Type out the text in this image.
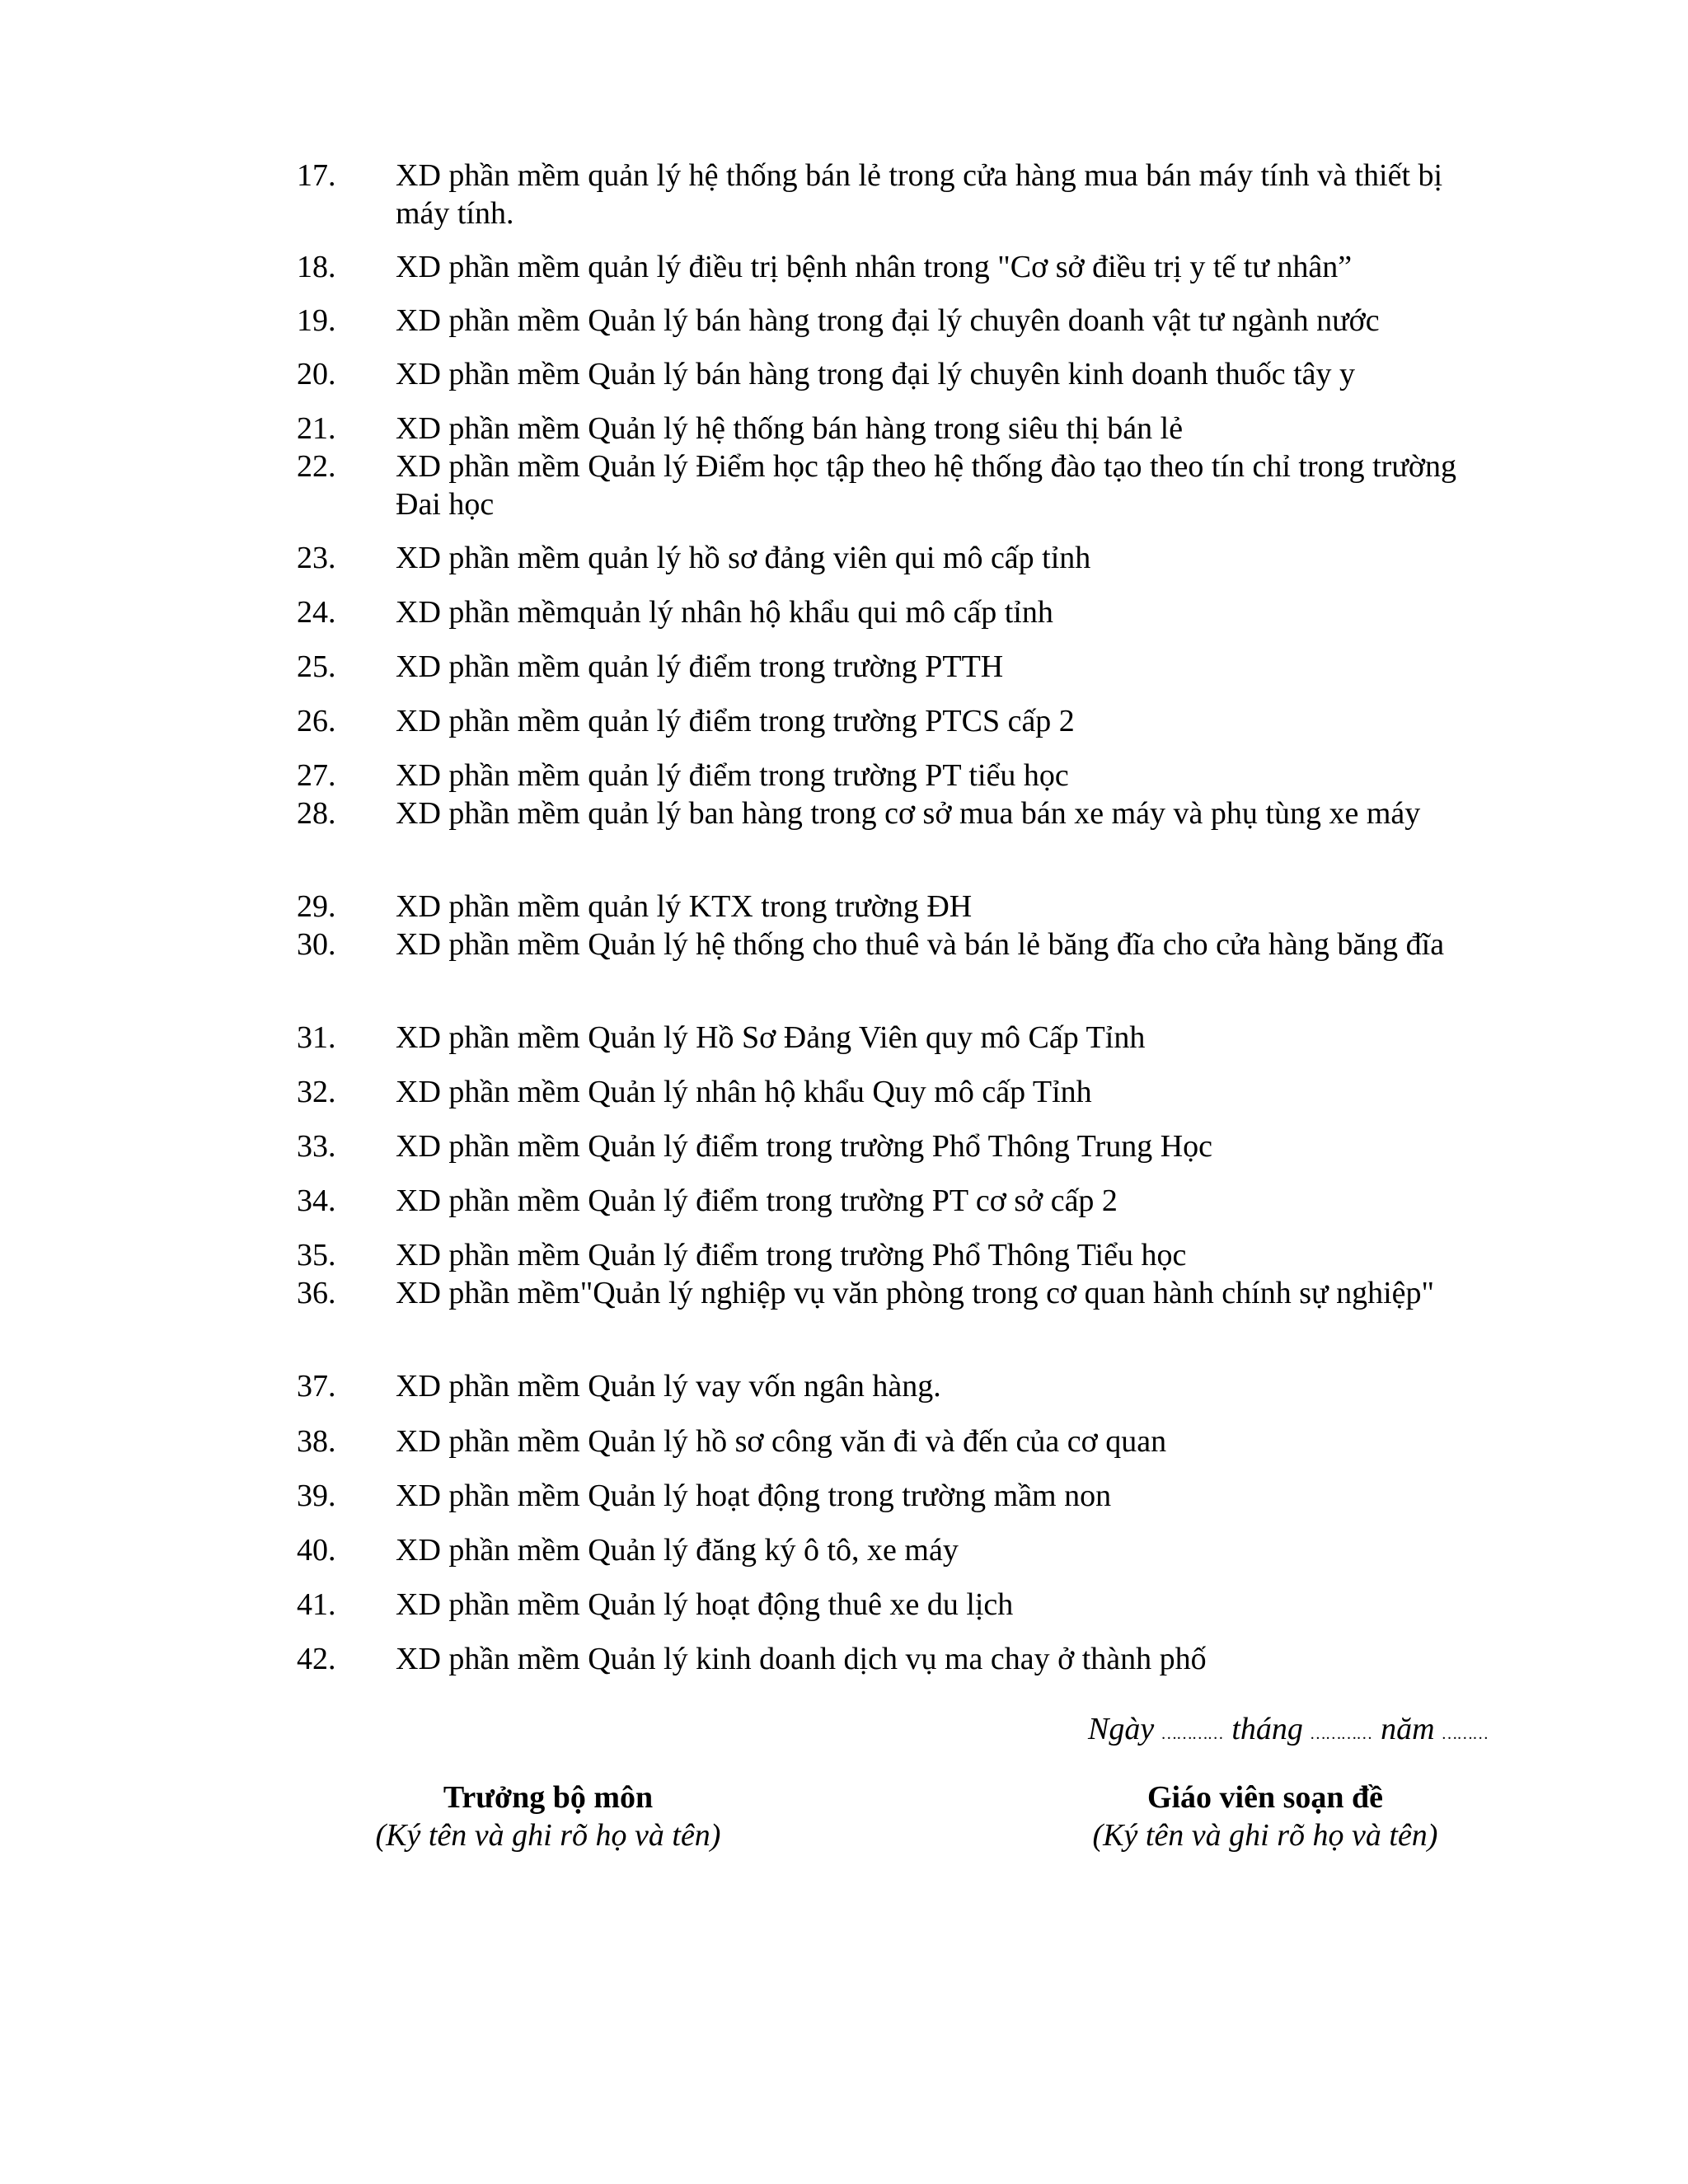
17.	XD phần mềm quản lý hệ thống bán lẻ trong cửa hàng mua bán máy tính và thiết bị máy tính.
18.	XD phần mềm quản lý điều trị bệnh nhân trong "Cơ sở điều trị y tế tư nhân”
19.	XD phần mềm Quản lý bán hàng trong đại lý chuyên doanh vật tư ngành nước
20.	XD phần mềm Quản lý bán hàng trong đại lý chuyên kinh doanh thuốc tây y
21.	XD phần mềm Quản lý hệ thống bán hàng trong siêu thị bán lẻ
22.	XD phần mềm Quản lý Điểm học tập theo hệ thống đào tạo theo tín chỉ trong trường Đai học
23.	XD phần mềm quản lý hồ sơ đảng viên qui mô cấp tỉnh
24.	XD phần mềmquản lý nhân hộ khẩu qui mô cấp tỉnh
25.	XD phần mềm quản lý điểm trong trường PTTH
26.	XD phần mềm quản lý điểm trong trường PTCS cấp 2
27.	XD phần mềm quản lý điểm trong trường PT tiểu học
28.	XD phần mềm quản lý ban hàng trong cơ sở mua bán xe máy và phụ tùng xe máy
29.	XD phần mềm quản lý KTX trong trường ĐH
30.	XD phần mềm Quản lý hệ thống cho thuê và bán lẻ băng đĩa cho cửa hàng băng đĩa
31.	XD phần mềm Quản lý Hồ Sơ Đảng Viên quy mô Cấp Tỉnh
32.	XD phần mềm Quản lý nhân hộ khẩu Quy mô cấp Tỉnh
33.	XD phần mềm Quản lý điểm trong trường Phổ Thông Trung Học
34.	XD phần mềm Quản lý điểm trong trường PT cơ sở cấp 2
35.	XD phần mềm Quản lý điểm trong trường Phổ Thông Tiểu học
36.	XD phần mềm"Quản lý nghiệp vụ văn phòng trong cơ quan hành chính sự nghiệp"
37.	XD phần mềm Quản lý vay vốn ngân hàng.
38.	XD phần mềm Quản lý hồ sơ công văn đi và đến của cơ quan
39.	XD phần mềm Quản lý hoạt động trong trường mầm non
40.	XD phần mềm Quản lý đăng ký ô tô, xe máy
41.	XD phần mềm Quản lý hoạt động thuê xe du lịch
42.	XD phần mềm Quản lý kinh doanh dịch vụ ma chay ở thành phố
Ngày ………… tháng ………… năm ………
Trưởng bộ môn
(Ký tên và ghi rõ họ và tên)
Giáo viên soạn đề
(Ký tên và ghi rõ họ và tên)
